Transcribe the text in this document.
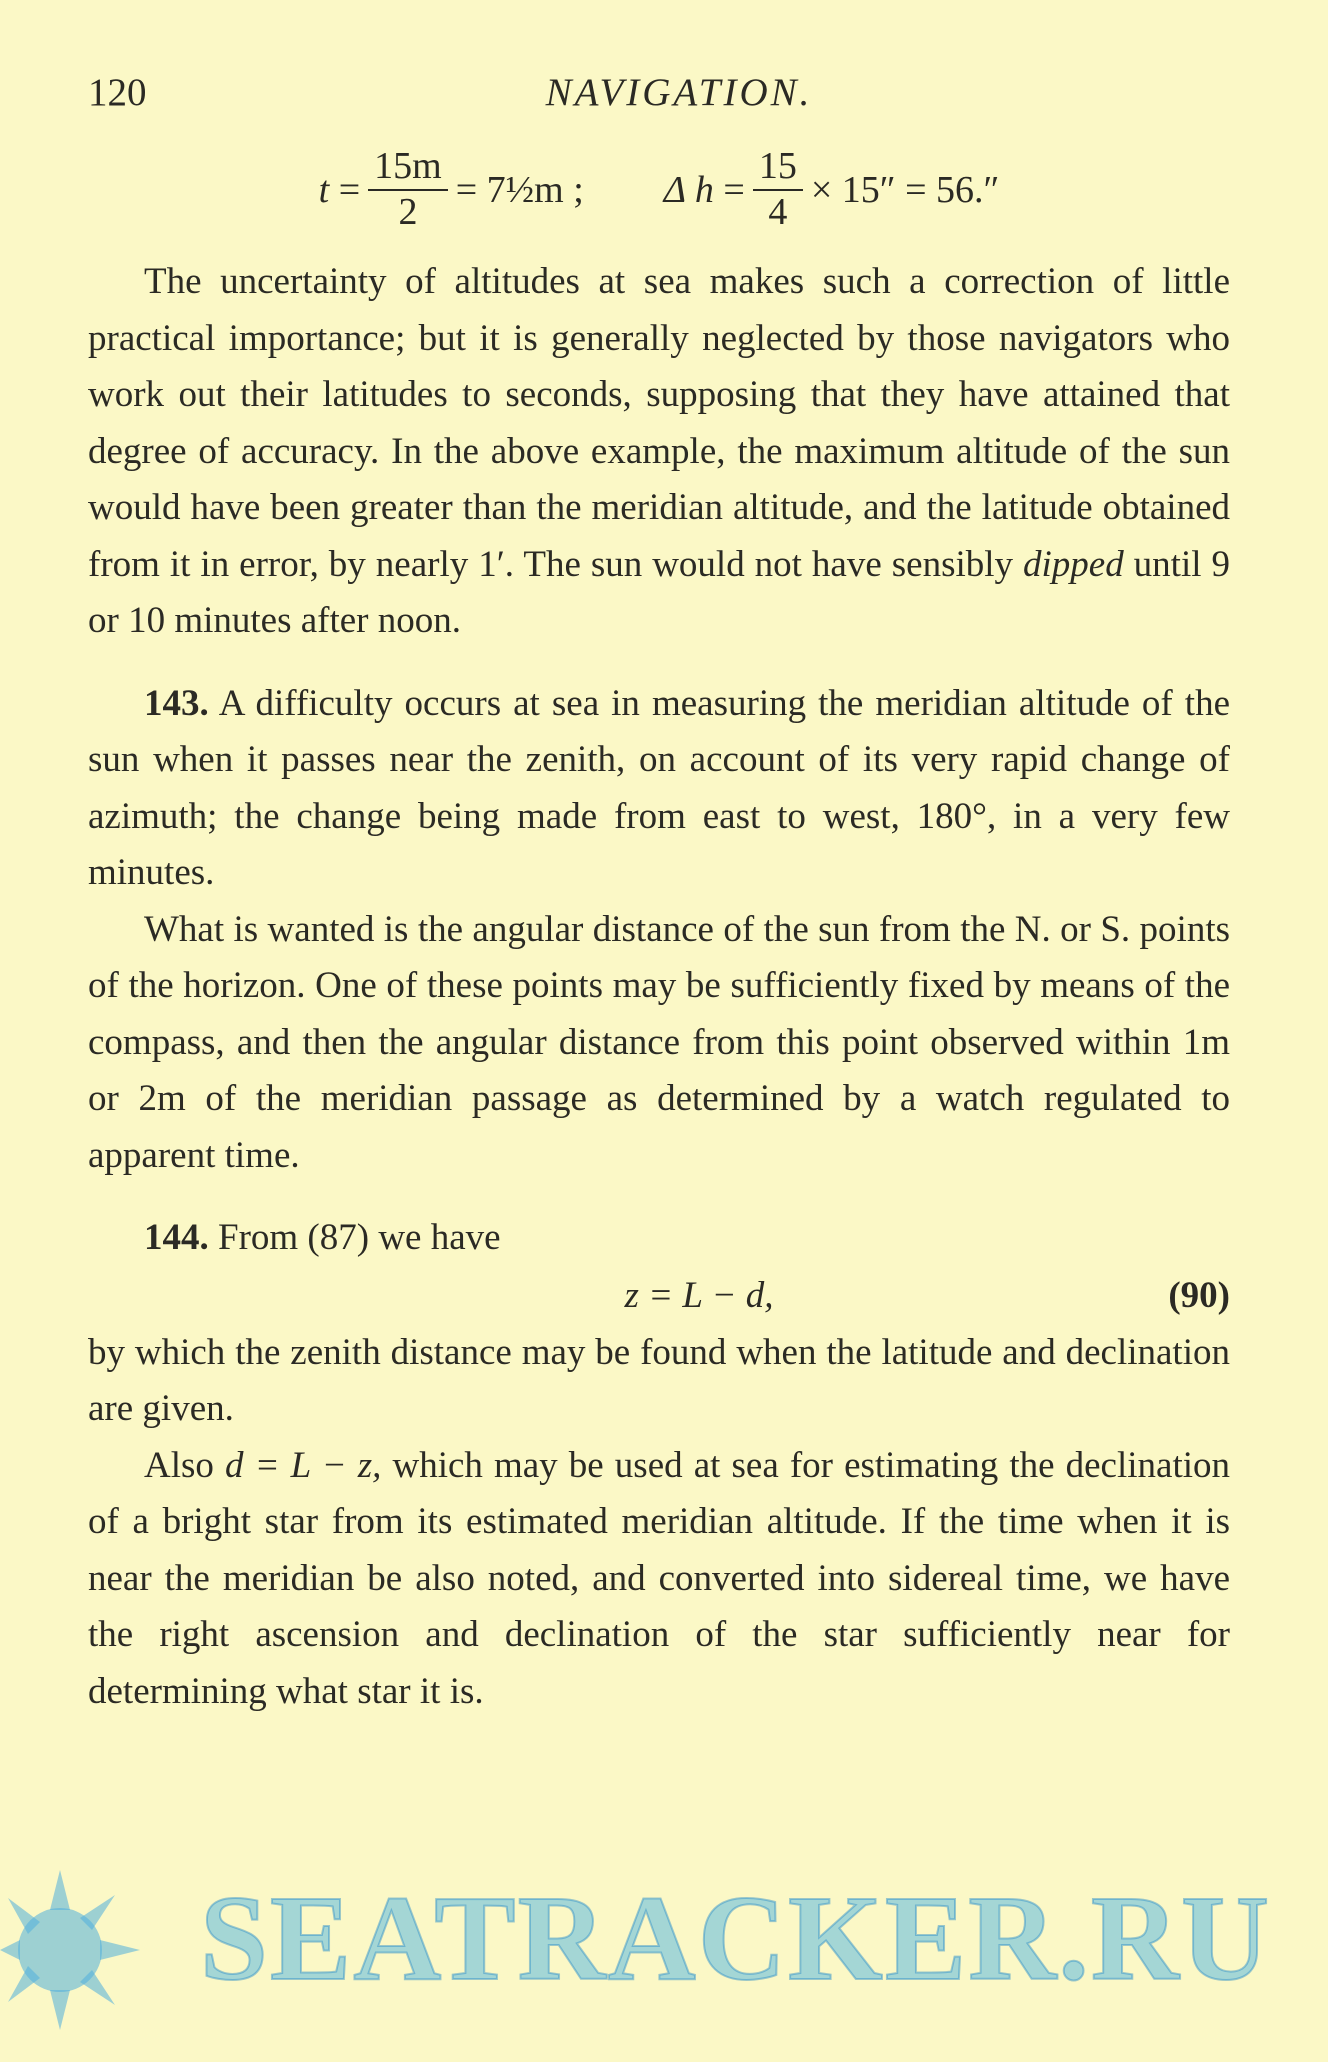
120	NAVIGATION.
$t = \frac{15m}{2}$ = 7½m ; Δ $h = \frac{15}{4} \times 15'' = 56.''$

The uncertainty of altitudes at sea makes such a correction of little practical importance; but it is generally neglected by those navigators who work out their latitudes to seconds, supposing that they have attained that degree of accuracy. In the above example, the maximum altitude of the sun would have been greater than the meridian altitude, and the latitude obtained from it in error, by nearly 1′. The sun would not have sensibly dipped until 9 or 10 minutes after noon.

143. A difficulty occurs at sea in measuring the meridian altitude of the sun when it passes near the zenith, on account of its very rapid change of azimuth; the change being made from east to west, 180°, in a very few minutes.

What is wanted is the angular distance of the sun from the N. or S. points of the horizon. One of these points may be sufficiently fixed by means of the compass, and then the angular distance from this point observed within 1m or 2m of the meridian passage as determined by a watch regulated to apparent time.

144. From (87) we have

z = L − d,	(90)

by which the zenith distance may be found when the latitude and declination are given.

Also d = L − z, which may be used at sea for estimating the declination of a bright star from its estimated meridian altitude. If the time when it is near the meridian be also noted, and converted into sidereal time, we have the right ascension and declination of the star sufficiently near for determining what star it is.

SEATRACKER.RU
